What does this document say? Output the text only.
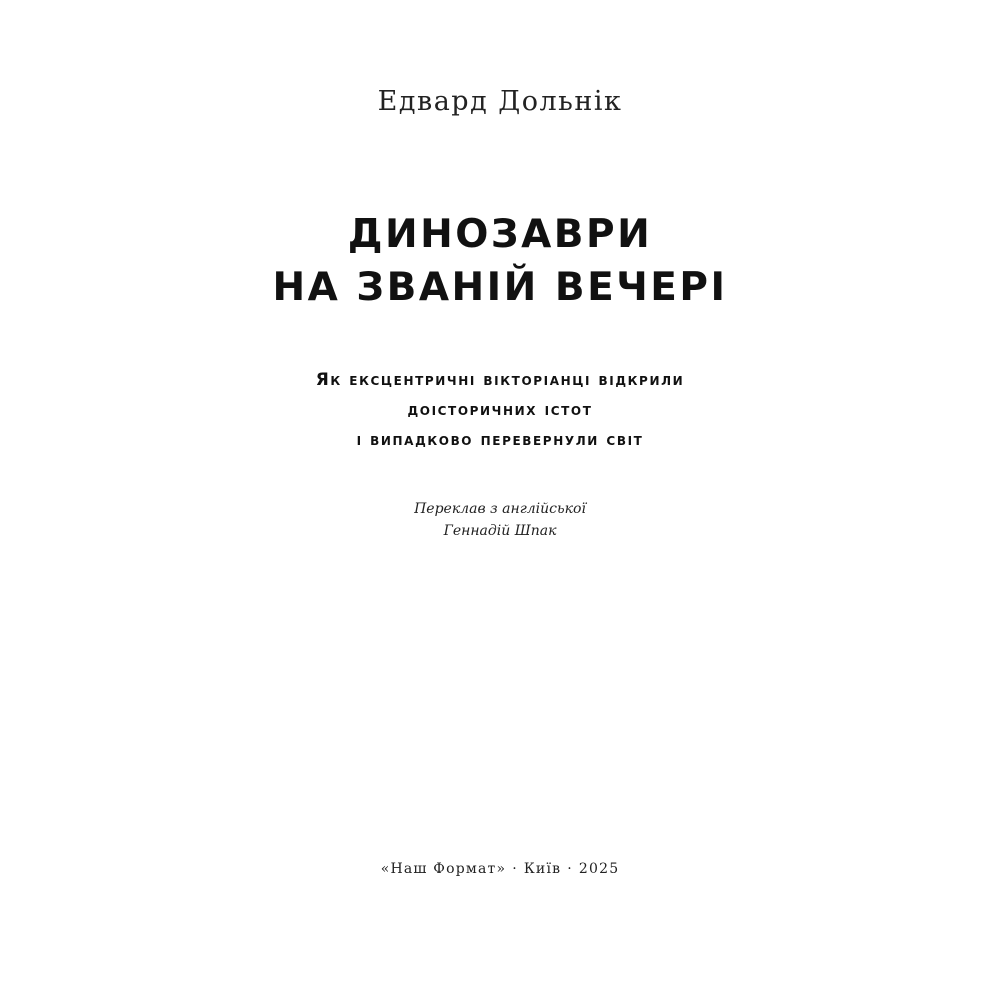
Едвард Дольнік
ДИНОЗАВРИ
НА ЗВАНІЙ ВЕЧЕРІ
Як ексцентричні вікторіанці відкрили
доісторичних істот
і випадково перевернули світ
Переклав з англійської
Геннадій Шпак
«Наш Формат» · Київ · 2025
